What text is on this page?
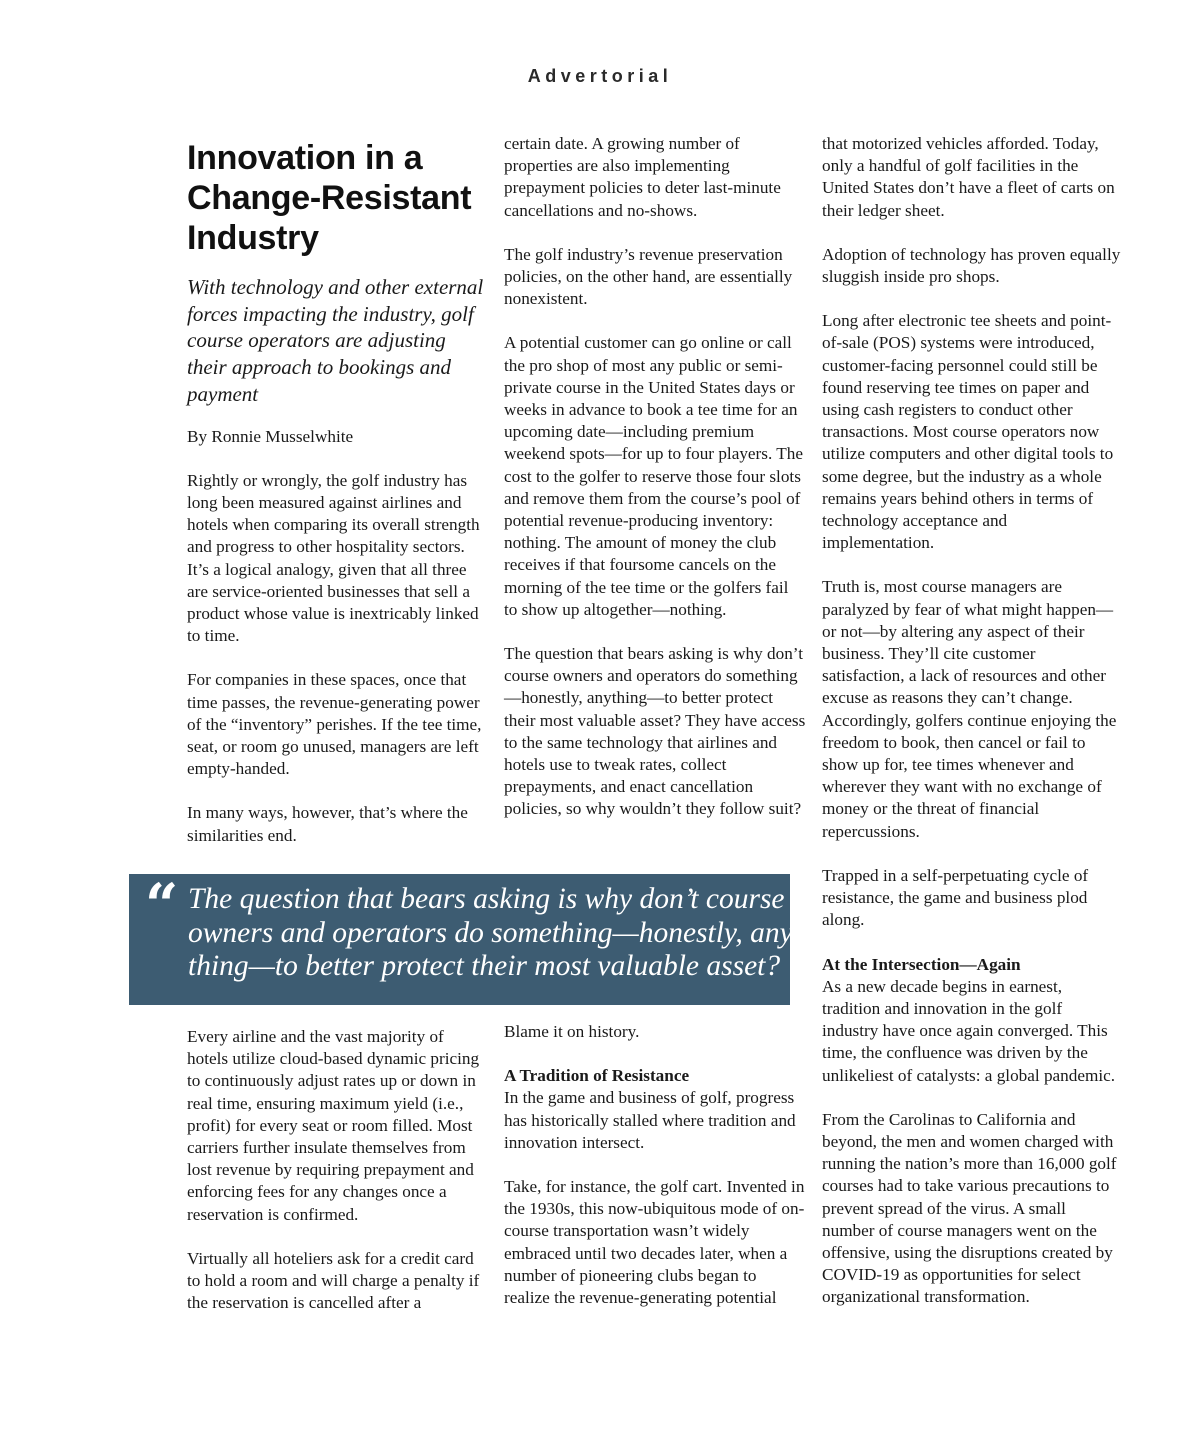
Advertorial
Innovation in a
Change-Resistant
Industry
With technology and other external forces impacting the industry, golf course operators are adjusting their approach to bookings and payment

By Ronnie Musselwhite

Rightly or wrongly, the golf industry has long been measured against airlines and hotels when comparing its overall strength and progress to other hospitality sectors. It’s a logical analogy, given that all three are service-oriented businesses that sell a product whose value is inextricably linked to time.

For companies in these spaces, once that time passes, the revenue-generating power of the “inventory” perishes. If the tee time, seat, or room go unused, managers are left empty-handed.

In many ways, however, that’s where the similarities end.

Every airline and the vast majority of hotels utilize cloud-based dynamic pricing to continuously adjust rates up or down in real time, ensuring maximum yield (i.e., profit) for every seat or room filled. Most carriers further insulate themselves from lost revenue by requiring prepayment and enforcing fees for any changes once a reservation is confirmed.

Virtually all hoteliers ask for a credit card to hold a room and will charge a penalty if the reservation is cancelled after a

certain date. A growing number of properties are also implementing prepayment policies to deter last-minute cancellations and no-shows.

The golf industry’s revenue preservation policies, on the other hand, are essentially nonexistent.

A potential customer can go online or call the pro shop of most any public or semi-private course in the United States days or weeks in advance to book a tee time for an upcoming date—including premium weekend spots—for up to four players. The cost to the golfer to reserve those four slots and remove them from the course’s pool of potential revenue-producing inventory: nothing. The amount of money the club receives if that foursome cancels on the morning of the tee time or the golfers fail to show up altogether—nothing.

The question that bears asking is why don’t course owners and operators do something—honestly, anything—to better protect their most valuable asset? They have access to the same technology that airlines and hotels use to tweak rates, collect prepayments, and enact cancellation policies, so why wouldn’t they follow suit?

Blame it on history.

A Tradition of Resistance

In the game and business of golf, progress has historically stalled where tradition and innovation intersect.

Take, for instance, the golf cart. Invented in the 1930s, this now-ubiquitous mode of on-course transportation wasn’t widely embraced until two decades later, when a number of pioneering clubs began to realize the revenue-generating potential

that motorized vehicles afforded. Today, only a handful of golf facilities in the United States don’t have a fleet of carts on their ledger sheet.

Adoption of technology has proven equally sluggish inside pro shops.

Long after electronic tee sheets and point-of-sale (POS) systems were introduced, customer-facing personnel could still be found reserving tee times on paper and using cash registers to conduct other transactions. Most course operators now utilize computers and other digital tools to some degree, but the industry as a whole remains years behind others in terms of technology acceptance and implementation.

Truth is, most course managers are paralyzed by fear of what might happen—or not—by altering any aspect of their business. They’ll cite customer satisfaction, a lack of resources and other excuse as reasons they can’t change. Accordingly, golfers continue enjoying the freedom to book, then cancel or fail to show up for, tee times whenever and wherever they want with no exchange of money or the threat of financial repercussions.

Trapped in a self-perpetuating cycle of resistance, the game and business plod along.

At the Intersection—Again

As a new decade begins in earnest, tradition and innovation in the golf industry have once again converged. This time, the confluence was driven by the unlikeliest of catalysts: a global pandemic.

From the Carolinas to California and beyond, the men and women charged with running the nation’s more than 16,000 golf courses had to take various precautions to prevent spread of the virus. A small number of course managers went on the offensive, using the disruptions created by COVID-19 as opportunities for select organizational transformation.

“ The question that bears asking is why don’t course
owners and operators do something—honestly, any-
thing—to better protect their most valuable asset?
